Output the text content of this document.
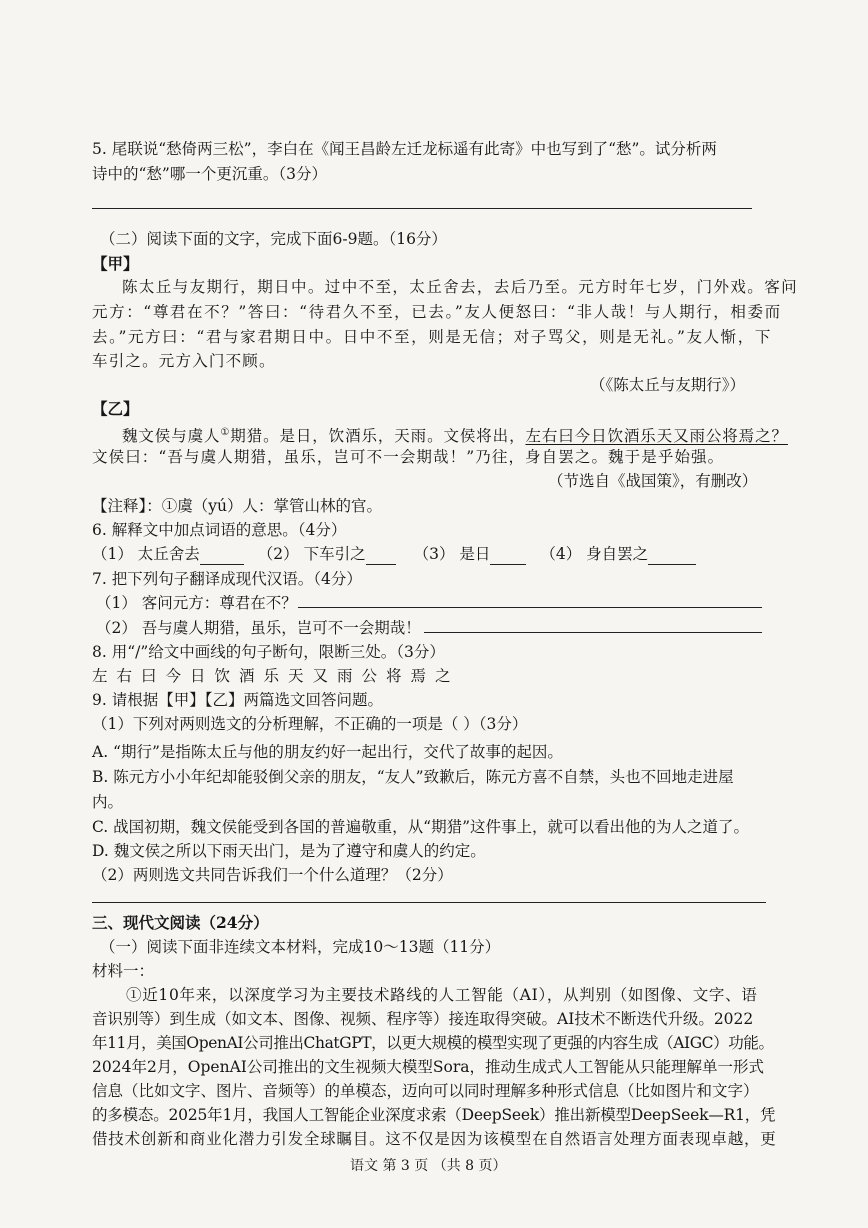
5. 尾联说“愁倚两三松”，李白在《闻王昌龄左迁龙标遥有此寄》中也写到了“愁”。试分析两
诗中的“愁”哪一个更沉重。（3分）
（二）阅读下面的文字，完成下面6-9题。（16分）
【甲】
陈太丘与友期行，期日中。过中不至，太丘舍去，去后乃至。元方时年七岁，门外戏。客问
元方：“尊君在不？”答曰：“待君久不至，已去。”友人便怒曰：“非人哉！与人期行，相委而
去。”元方曰：“君与家君期日中。日中不至，则是无信；对子骂父，则是无礼。”友人惭，下
车引之。元方入门不顾。
（《陈太丘与友期行》）
【乙】
魏文侯与虞人①期猎。是日，饮酒乐，天雨。文侯将出，左右曰今日饮酒乐天又雨公将焉之？
文侯曰：“吾与虞人期猎，虽乐，岂可不一会期哉！”乃往，身自罢之。魏于是乎始强。
（节选自《战国策》，有删改）
【注释】：①虞（yú）人：掌管山林的官。
6. 解释文中加点词语的意思。（4分）
（1） 太丘舍去	（2） 下车引之	（3） 是日	（4） 身自罢之
7. 把下列句子翻译成现代汉语。（4分）
（1） 客问元方：尊君在不？
（2） 吾与虞人期猎，虽乐，岂可不一会期哉！
8. 用“/”给文中画线的句子断句，限断三处。（3分）
左右曰今日饮酒乐天又雨公将焉之
9. 请根据【甲】【乙】两篇选文回答问题。
（1）下列对两则选文的分析理解，不正确的一项是（ ）（3分）
A. “期行”是指陈太丘与他的朋友约好一起出行，交代了故事的起因。
B. 陈元方小小年纪却能驳倒父亲的朋友，“友人”致歉后，陈元方喜不自禁，头也不回地走进屋
内。
C. 战国初期，魏文侯能受到各国的普遍敬重，从“期猎”这件事上，就可以看出他的为人之道了。
D. 魏文侯之所以下雨天出门，是为了遵守和虞人的约定。
（2）两则选文共同告诉我们一个什么道理？（2分）
三、现代文阅读（24分）
（一）阅读下面非连续文本材料，完成10～13题（11分）
材料一：
①近10年来，以深度学习为主要技术路线的人工智能（AI），从判别（如图像、文字、语
音识别等）到生成（如文本、图像、视频、程序等）接连取得突破。AI技术不断迭代升级。2022
年11月，美国OpenAI公司推出ChatGPT，以更大规模的模型实现了更强的内容生成（AIGC）功能。
2024年2月，OpenAI公司推出的文生视频大模型Sora，推动生成式人工智能从只能理解单一形式
信息（比如文字、图片、音频等）的单模态，迈向可以同时理解多种形式信息（比如图片和文字）
的多模态。2025年1月，我国人工智能企业深度求索（DeepSeek）推出新模型DeepSeek—R1，凭
借技术创新和商业化潜力引发全球瞩目。这不仅是因为该模型在自然语言处理方面表现卓越，更
语文 第 3 页 （共 8 页）
